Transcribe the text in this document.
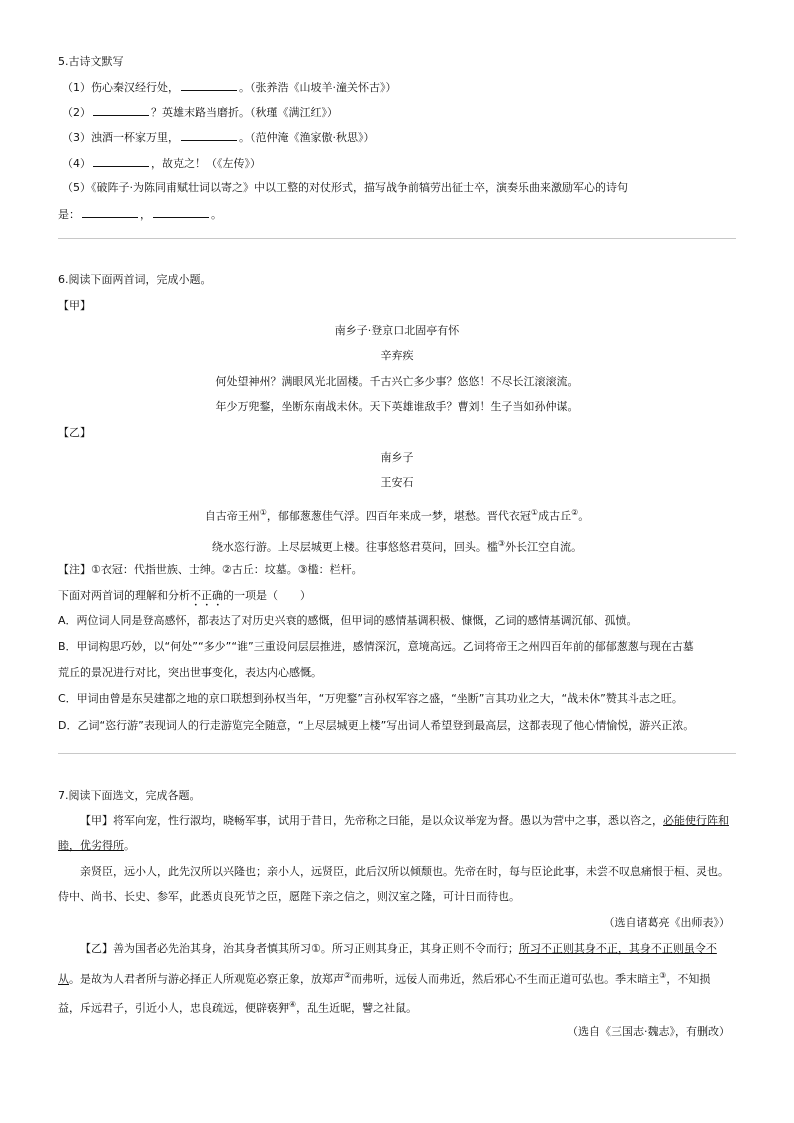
5.古诗文默写
（1）伤心秦汉经行处，	。（张养浩《山坡羊·潼关怀古》）
（2）	？英雄末路当磨折。（秋瑾《满江红》）
（3）浊酒一杯家万里，	。（范仲淹《渔家傲·秋思》）
（4）	，故克之！（《左传》）
（5）《破阵子·为陈同甫赋壮词以寄之》中以工整的对仗形式，描写战争前犒劳出征士卒，演奏乐曲来激励军心的诗句
是：	，	。
6.阅读下面两首词，完成小题。
【甲】
南乡子·登京口北固亭有怀
辛弃疾
何处望神州？满眼风光北固楼。千古兴亡多少事？悠悠！不尽长江滚滚流。
年少万兜鍪，坐断东南战未休。天下英雄谁敌手？曹刘！生子当如孙仲谋。
【乙】
南乡子
王安石
自古帝王州①，郁郁葱葱佳气浮。四百年来成一梦，堪愁。晋代衣冠①成古丘②。
绕水恣行游。上尽层城更上楼。往事悠悠君莫问，回头。槛③外长江空自流。
【注】①衣冠：代指世族、士绅。②古丘：坟墓。③槛：栏杆。
下面对两首词的理解和分析不正确的一项是（　　）
A．两位词人同是登高感怀，都表达了对历史兴衰的感慨，但甲词的感情基调积极、慷慨，乙词的感情基调沉郁、孤愤。
B．甲词构思巧妙，以“何处”“多少”“谁”三重设问层层推进，感情深沉，意境高远。乙词将帝王之州四百年前的郁郁葱葱与现在古墓
荒丘的景况进行对比，突出世事变化，表达内心感慨。
C．甲词由曾是东吴建都之地的京口联想到孙权当年，“万兜鍪”言孙权军容之盛，“坐断”言其功业之大，“战未休”赞其斗志之旺。
D．乙词“恣行游”表现词人的行走游览完全随意，“上尽层城更上楼”写出词人希望登到最高层，这都表现了他心情愉悦，游兴正浓。
7.阅读下面选文，完成各题。
【甲】将军向宠，性行淑均，晓畅军事，试用于昔日，先帝称之曰能，是以众议举宠为督。愚以为营中之事，悉以咨之，必能使行阵和
睦，优劣得所。
亲贤臣，远小人，此先汉所以兴隆也；亲小人，远贤臣，此后汉所以倾颓也。先帝在时，每与臣论此事，未尝不叹息痛恨于桓、灵也。
侍中、尚书、长史、参军，此悉贞良死节之臣，愿陛下亲之信之，则汉室之隆，可计日而待也。
（选自诸葛亮《出师表》）
【乙】善为国者必先治其身，治其身者慎其所习①。所习正则其身正，其身正则不令而行；所习不正则其身不正，其身不正则虽令不
从。是故为人君者所与游必择正人所观览必察正象，放郑声②而弗听，远佞人而弗近，然后邪心不生而正道可弘也。季末暗主③，不知损
益，斥远君子，引近小人，忠良疏远，便辟亵狎④，乱生近昵，譬之社鼠。
（选自《三国志·魏志》，有删改）
